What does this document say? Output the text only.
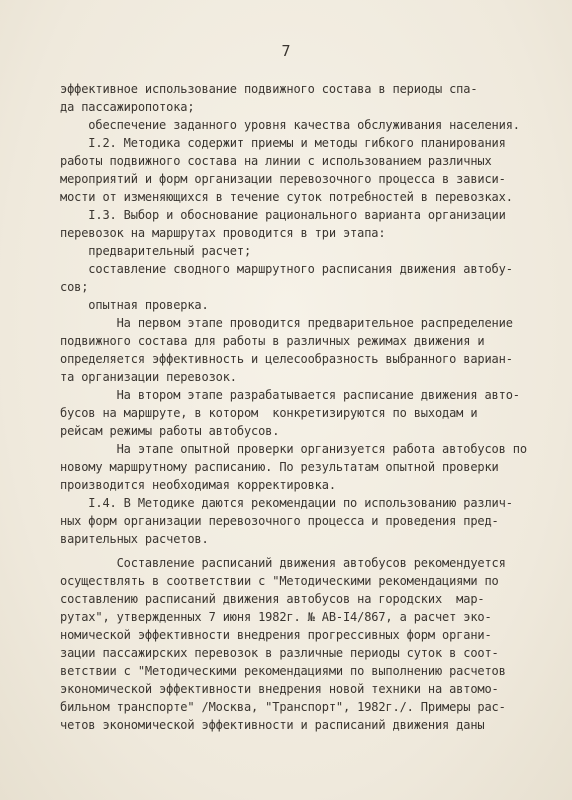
7
эффективное использование подвижного состава в периоды спа-
да пассажиропотока;
обеспечение заданного уровня качества обслуживания населения.
I.2. Методика содержит приемы и методы гибкого планирования
работы подвижного состава на линии с использованием различных
мероприятий и форм организации перевозочного процесса в зависи-
мости от изменяющихся в течение суток потребностей в перевозках.
I.3. Выбор и обоснование рационального варианта организации
перевозок на маршрутах проводится в три этапа:
предварительный расчет;
составление сводного маршрутного расписания движения автобу-
сов;
опытная проверка.
На первом этапе проводится предварительное распределение
подвижного состава для работы в различных режимах движения и
определяется эффективность и целесообразность выбранного вариан-
та организации перевозок.
На втором этапе разрабатывается расписание движения авто-
бусов на маршруте, в котором  конкретизируются по выходам и
рейсам режимы работы автобусов.
На этапе опытной проверки организуется работа автобусов по
новому маршрутному расписанию. По результатам опытной проверки
производится необходимая корректировка.
I.4. В Методике даются рекомендации по использованию различ-
ных форм организации перевозочного процесса и проведения пред-
варительных расчетов.
Составление расписаний движения автобусов рекомендуется
осуществлять в соответствии с "Методическими рекомендациями по
составлению расписаний движения автобусов на городских  мар-
рутах", утвержденных 7 июня 1982г. № АВ-I4/867, а расчет эко-
номической эффективности внедрения прогрессивных форм органи-
зации пассажирских перевозок в различные периоды суток в соот-
ветствии с "Методическими рекомендациями по выполнению расчетов
экономической эффективности внедрения новой техники на автомо-
бильном транспорте" /Москва, "Транспорт", 1982г./. Примеры рас-
четов экономической эффективности и расписаний движения даны
